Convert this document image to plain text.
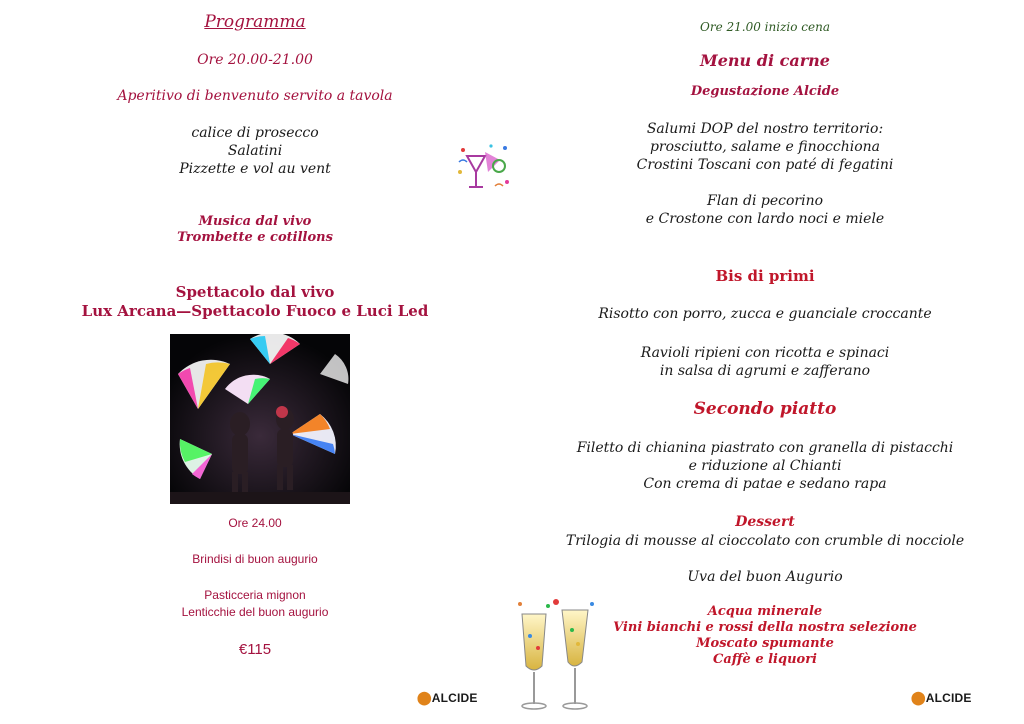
Programma
Ore 20.00-21.00
Aperitivo di benvenuto servito a tavola
calice di prosecco
Salatini
Pizzette e vol au vent
Musica dal vivo
Trombette e cotillons
Spettacolo dal vivo
Lux Arcana—Spettacolo Fuoco e Luci Led
Ore 24.00
Brindisi di buon augurio
Pasticceria mignon
Lenticchie del buon augurio
€115
⬤ALCIDE
Ore 21.00 inizio cena
Menu di carne
Degustazione Alcide
Salumi DOP del nostro territorio:
prosciutto, salame e finocchiona
Crostini Toscani con paté di fegatini
Flan di pecorino
e Crostone con lardo noci e miele
Bis di primi
Risotto con porro, zucca e guanciale croccante
Ravioli ripieni con ricotta e spinaci
in salsa di agrumi e zafferano
Secondo piatto
Filetto di chianina piastrato con granella di pistacchi
e riduzione al Chianti
Con crema di patae e sedano rapa
Dessert
Trilogia di mousse al cioccolato con crumble di nocciole
Uva del buon Augurio
Acqua minerale
Vini bianchi e rossi della nostra selezione
Moscato spumante
Caffè e liquori
⬤ALCIDE
